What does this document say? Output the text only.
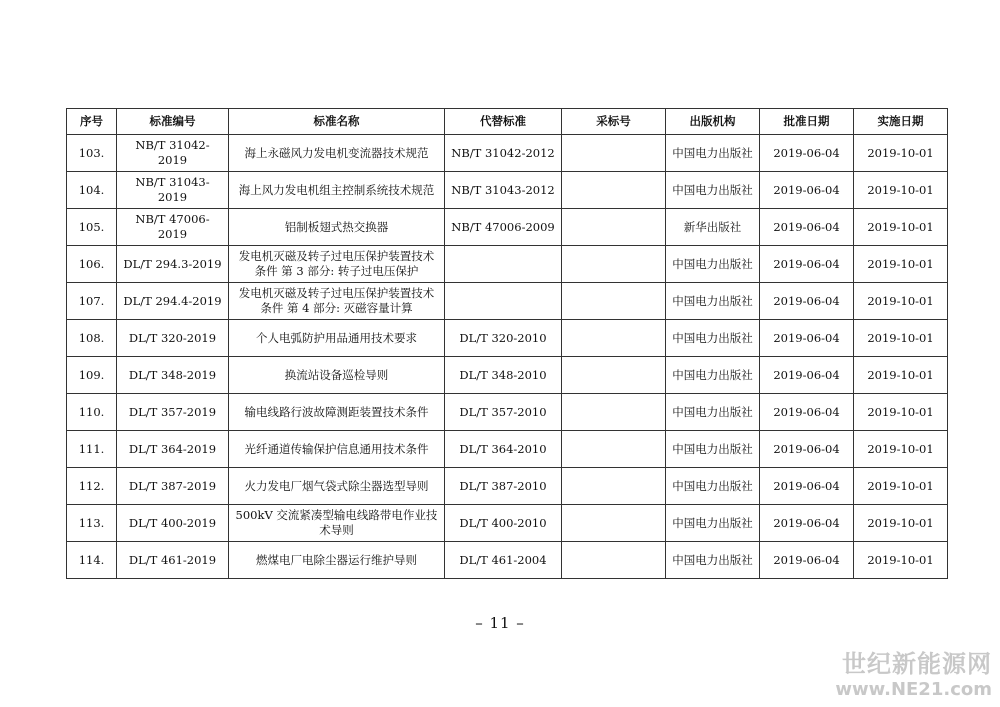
序号	标准编号	标准名称	代替标准	采标号	出版机构	批准日期	实施日期
103.	NB/T 31042-2019	海上永磁风力发电机变流器技术规范	NB/T 31042-2012		中国电力出版社	2019-06-04	2019-10-01
104.	NB/T 31043-2019	海上风力发电机组主控制系统技术规范	NB/T 31043-2012		中国电力出版社	2019-06-04	2019-10-01
105.	NB/T 47006-2019	铝制板翅式热交换器	NB/T 47006-2009		新华出版社	2019-06-04	2019-10-01
106.	DL/T 294.3-2019	发电机灭磁及转子过电压保护装置技术条件 第 3 部分: 转子过电压保护			中国电力出版社	2019-06-04	2019-10-01
107.	DL/T 294.4-2019	发电机灭磁及转子过电压保护装置技术条件 第 4 部分: 灭磁容量计算			中国电力出版社	2019-06-04	2019-10-01
108.	DL/T 320-2019	个人电弧防护用品通用技术要求	DL/T 320-2010		中国电力出版社	2019-06-04	2019-10-01
109.	DL/T 348-2019	换流站设备巡检导则	DL/T 348-2010		中国电力出版社	2019-06-04	2019-10-01
110.	DL/T 357-2019	输电线路行波故障测距装置技术条件	DL/T 357-2010		中国电力出版社	2019-06-04	2019-10-01
111.	DL/T 364-2019	光纤通道传输保护信息通用技术条件	DL/T 364-2010		中国电力出版社	2019-06-04	2019-10-01
112.	DL/T 387-2019	火力发电厂烟气袋式除尘器选型导则	DL/T 387-2010		中国电力出版社	2019-06-04	2019-10-01
113.	DL/T 400-2019	500kV 交流紧凑型输电线路带电作业技术导则	DL/T 400-2010		中国电力出版社	2019-06-04	2019-10-01
114.	DL/T 461-2019	燃煤电厂电除尘器运行维护导则	DL/T 461-2004		中国电力出版社	2019-06-04	2019-10-01
– 11 –
世纪新能源网
www.NE21.com
